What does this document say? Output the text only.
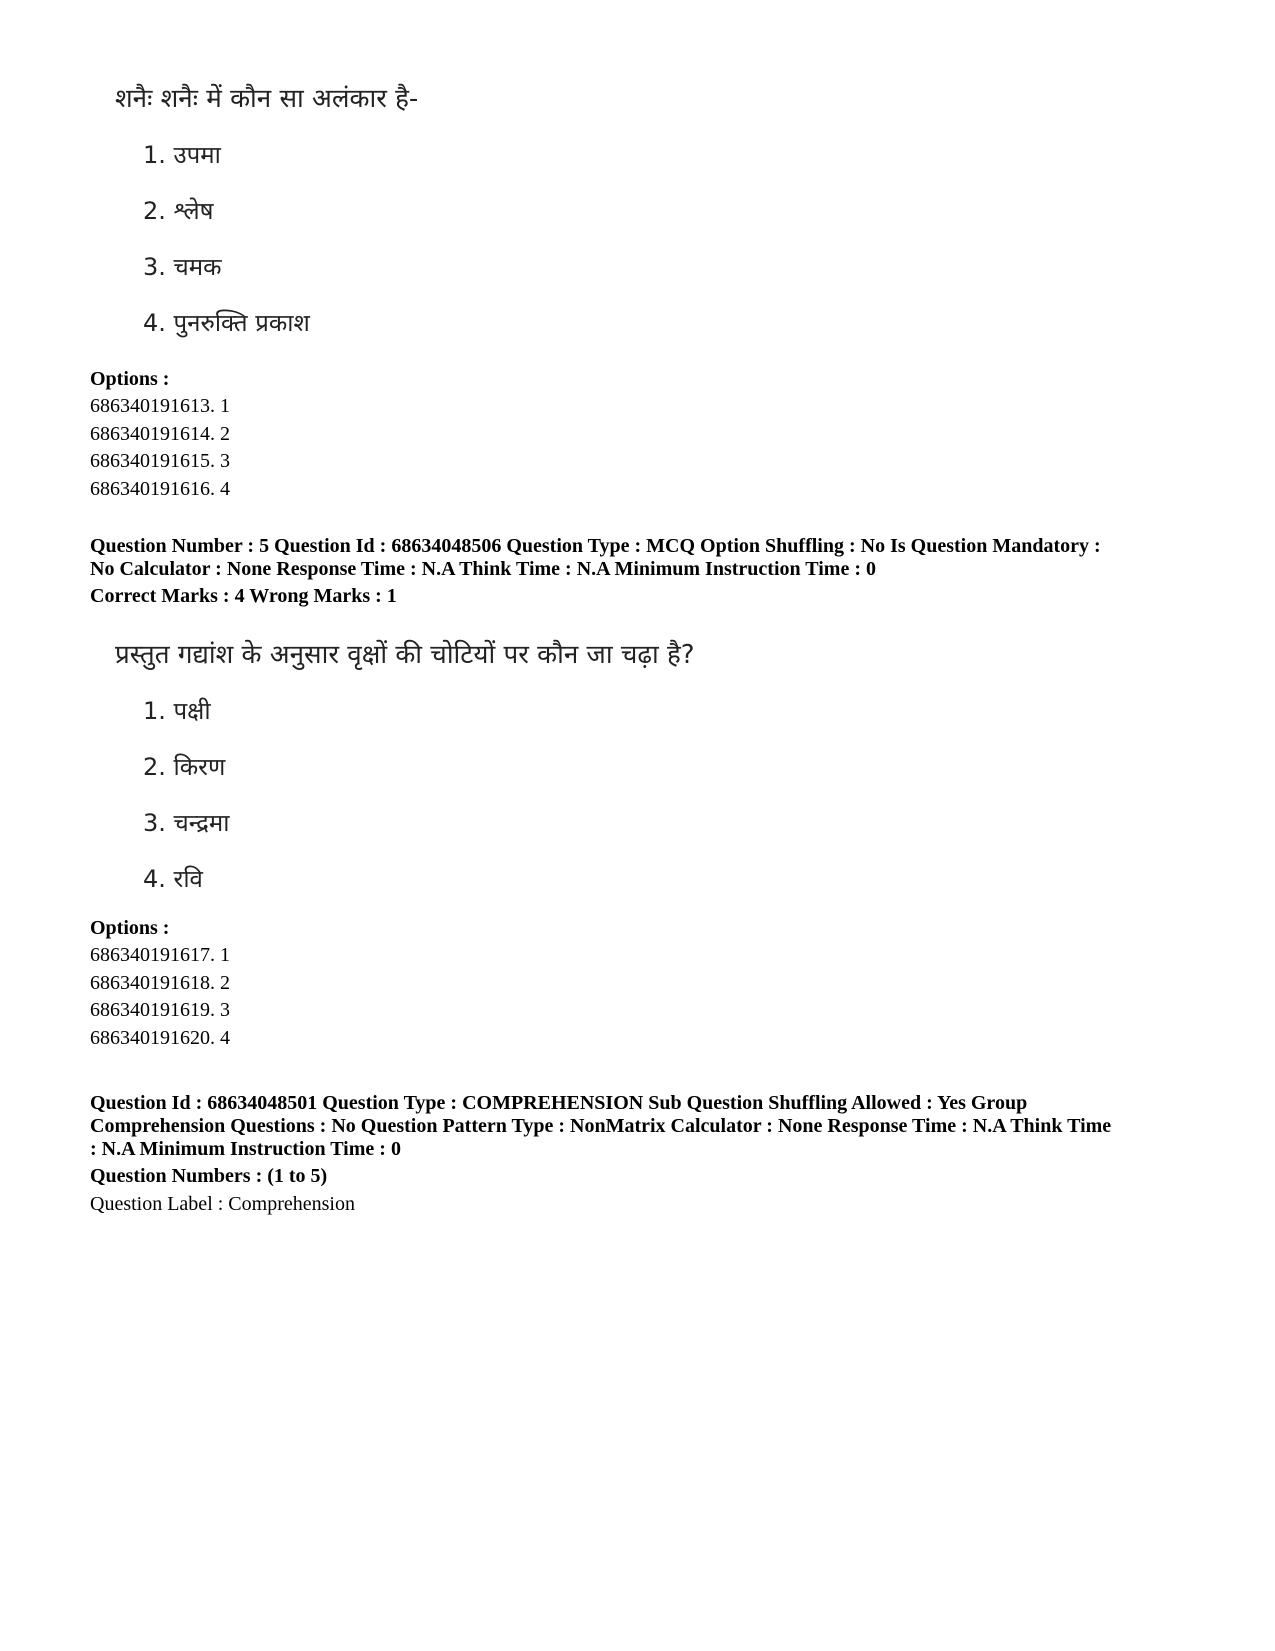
शनैः शनैः में कौन सा अलंकार है-
1. उपमा
2. श्लेष
3. चमक
4. पुनरुक्ति प्रकाश
Options :
686340191613. 1
686340191614. 2
686340191615. 3
686340191616. 4
Question Number : 5 Question Id : 68634048506 Question Type : MCQ Option Shuffling : No Is Question Mandatory :
No Calculator : None Response Time : N.A Think Time : N.A Minimum Instruction Time : 0
Correct Marks : 4 Wrong Marks : 1
प्रस्तुत गद्यांश के अनुसार वृक्षों की चोटियों पर कौन जा चढ़ा है?
1. पक्षी
2. किरण
3. चन्द्रमा
4. रवि
Options :
686340191617. 1
686340191618. 2
686340191619. 3
686340191620. 4
Question Id : 68634048501 Question Type : COMPREHENSION Sub Question Shuffling Allowed : Yes Group
Comprehension Questions : No Question Pattern Type : NonMatrix Calculator : None Response Time : N.A Think Time
: N.A Minimum Instruction Time : 0
Question Numbers : (1 to 5)
Question Label : Comprehension
